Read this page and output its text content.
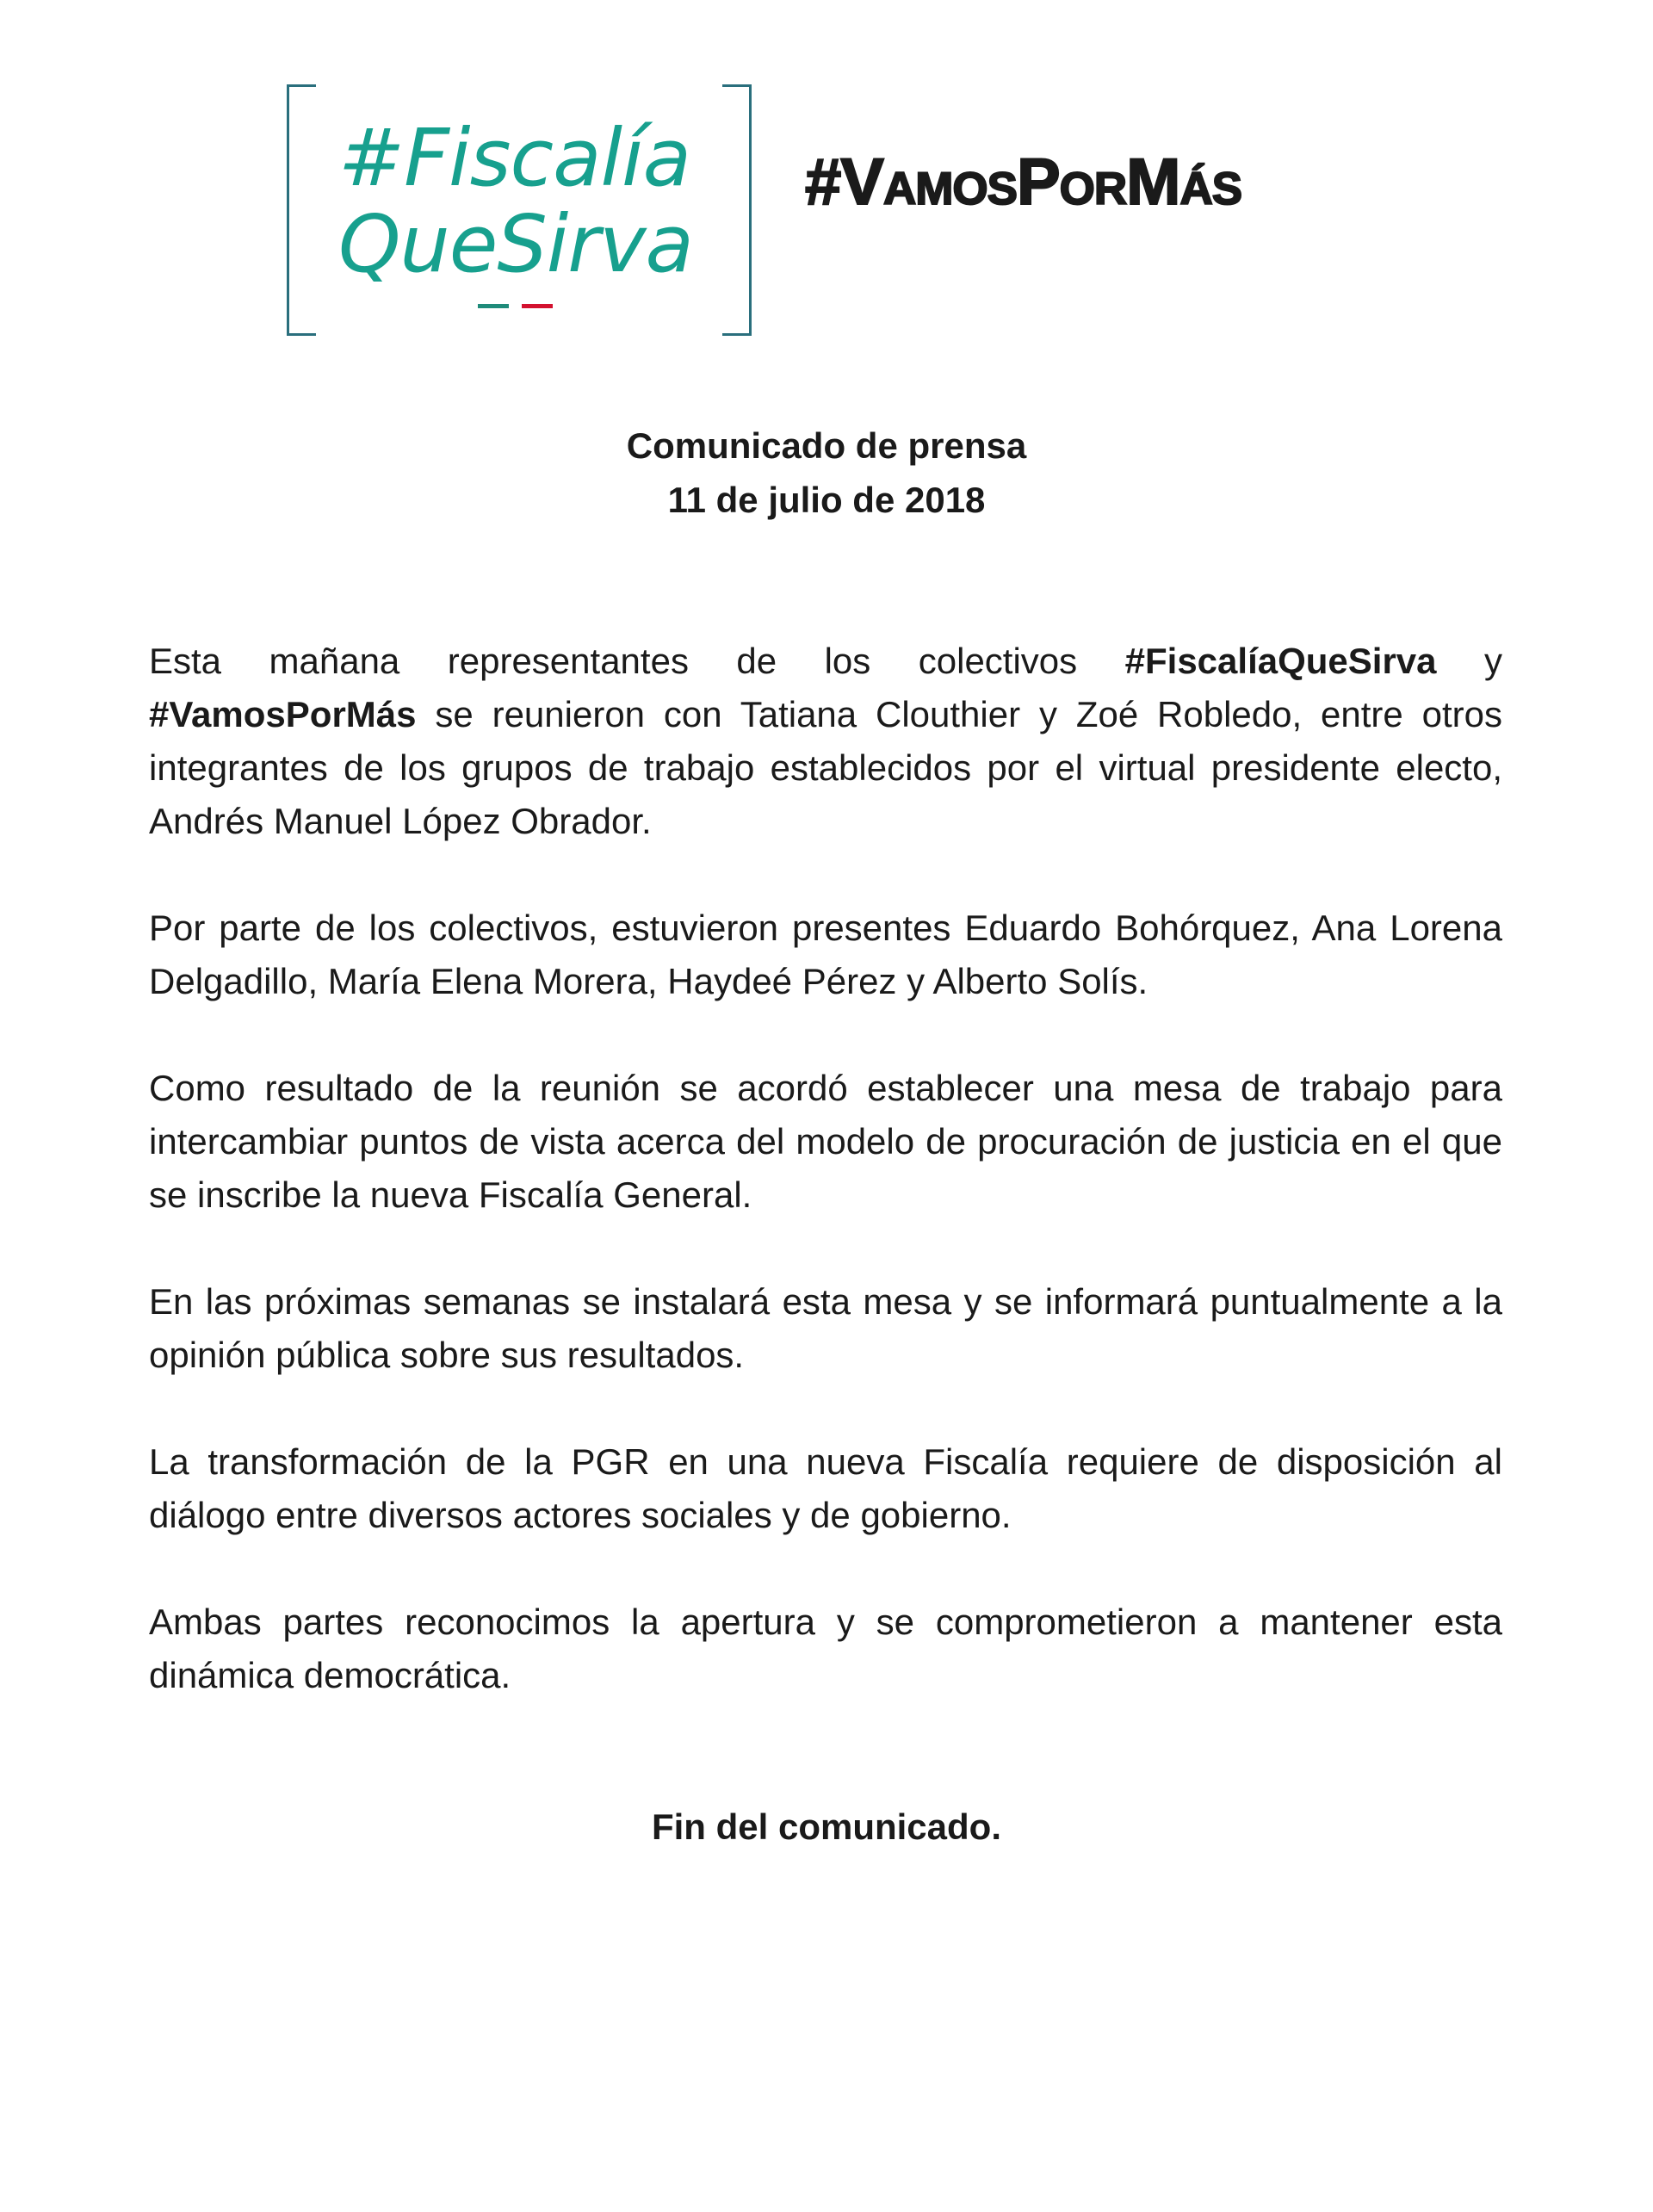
#Fiscalía
QueSirva
#VamosPorMás
Comunicado de prensa
11 de julio de 2018

Esta mañana representantes de los colectivos #FiscalíaQueSirva y #VamosPorMás se reunieron con Tatiana Clouthier y Zoé Robledo, entre otros integrantes de los grupos de trabajo establecidos por el virtual presidente electo, Andrés Manuel López Obrador.

Por parte de los colectivos, estuvieron presentes Eduardo Bohórquez, Ana Lorena Delgadillo, María Elena Morera, Haydeé Pérez y Alberto Solís.

Como resultado de la reunión se acordó establecer una mesa de trabajo para intercambiar puntos de vista acerca del modelo de procuración de justicia en el que se inscribe la nueva Fiscalía General.

En las próximas semanas se instalará esta mesa y se informará puntualmente a la opinión pública sobre sus resultados.

La transformación de la PGR en una nueva Fiscalía requiere de disposición al diálogo entre diversos actores sociales y de gobierno.

Ambas partes reconocimos la apertura y se comprometieron a mantener esta dinámica democrática.

Fin del comunicado.
